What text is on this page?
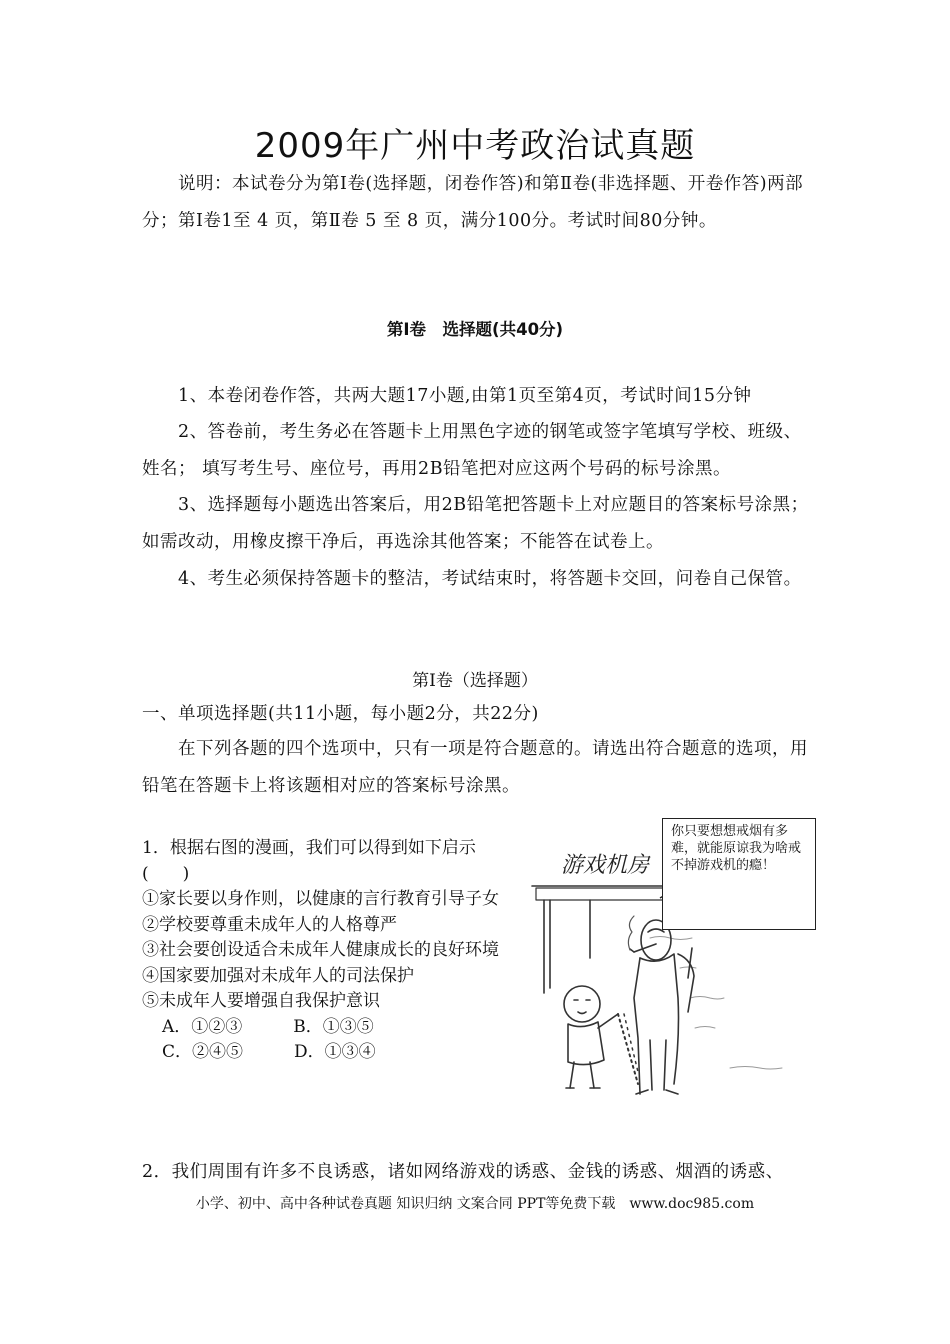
2009年广州中考政治试真题
说明：本试卷分为第Ⅰ卷(选择题，闭卷作答)和第Ⅱ卷(非选择题、开卷作答)两部分；第Ⅰ卷1至 4 页，第Ⅱ卷 5 至 8 页，满分100分。考试时间80分钟。
第Ⅰ卷　选择题(共40分)
1、本卷闭卷作答，共两大题17小题,由第1页至第4页，考试时间15分钟
2、答卷前，考生务必在答题卡上用黑色字迹的钢笔或签字笔填写学校、班级、姓名； 填写考生号、座位号，再用2B铅笔把对应这两个号码的标号涂黑。
3、选择题每小题选出答案后，用2B铅笔把答题卡上对应题目的答案标号涂黑；如需改动，用橡皮擦干净后，再选涂其他答案；不能答在试卷上。
4、考生必须保持答题卡的整洁，考试结束时，将答题卡交回，问卷自己保管。
第Ⅰ卷（选择题）
一、单项选择题(共11小题，每小题2分，共22分)
在下列各题的四个选项中，只有一项是符合题意的。请选出符合题意的选项，用铅笔在答题卡上将该题相对应的答案标号涂黑。
1．根据右图的漫画，我们可以得到如下启示(　　)
①家长要以身作则，以健康的言行教育引导子女
②学校要尊重未成年人的人格尊严
③社会要创设适合未成年人健康成长的良好环境
④国家要加强对未成年人的司法保护
⑤未成年人要增强自我保护意识
A．①②③　　　B．①③⑤
C．②④⑤　　　D．①③④
游戏机房
你只要想想戒烟有多难，就能原谅我为啥戒不掉游戏机的瘾！
2．我们周围有许多不良诱惑，诸如网络游戏的诱惑、金钱的诱惑、烟酒的诱惑、
小学、初中、高中各种试卷真题 知识归纳 文案合同 PPT等免费下载　www.doc985.com
